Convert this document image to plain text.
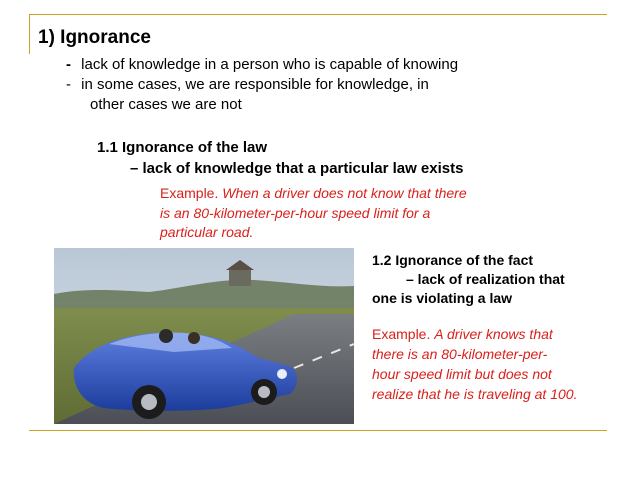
1) Ignorance
- lack of knowledge in a person who is capable of knowing
- in some cases, we are responsible for knowledge, in
other cases we are not
1.1 Ignorance of the law
– lack of knowledge that a particular law exists
Example. When a driver does not know that there
is an 80-kilometer-per-hour speed limit for a
particular road.
1.2 Ignorance of the fact
– lack of realization that
one is violating a law
Example. A driver knows that
there is an 80-kilometer-per-
hour speed limit but does not
realize that he is traveling at 100.
